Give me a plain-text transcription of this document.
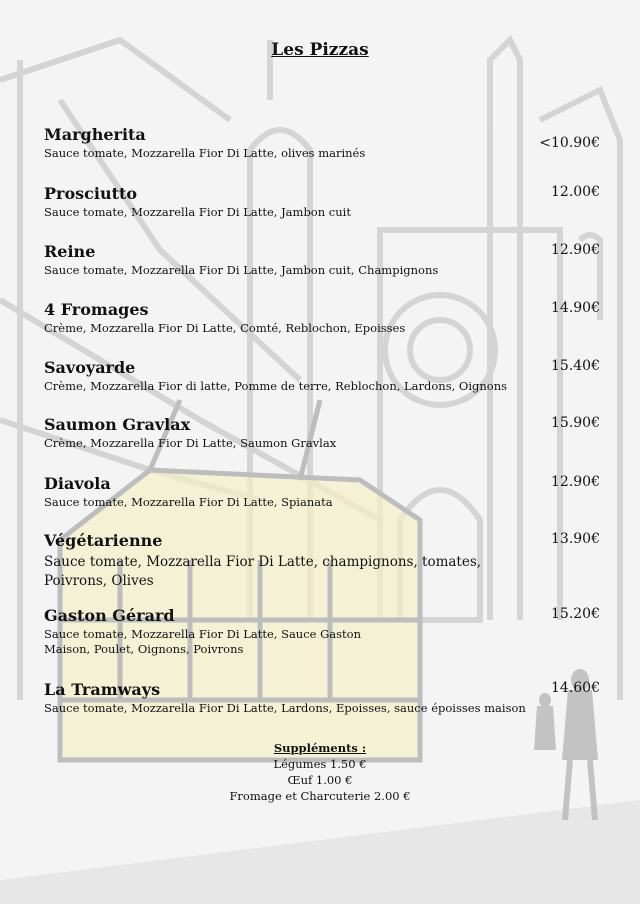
Les Pizzas
Margherita
Sauce tomate, Mozzarella Fior Di Latte, olives marinés
<10.90€
Prosciutto
Sauce tomate, Mozzarella Fior Di Latte, Jambon cuit
12.00€
Reine
Sauce tomate, Mozzarella Fior Di Latte, Jambon cuit, Champignons
12.90€
4 Fromages
Crème, Mozzarella Fior Di Latte, Comté, Reblochon, Epoisses
14.90€
Savoyarde
Crème, Mozzarella Fior di latte, Pomme de terre, Reblochon, Lardons, Oignons
15.40€
Saumon Gravlax
Crème, Mozzarella Fior Di Latte, Saumon Gravlax
15.90€
Diavola
Sauce tomate, Mozzarella Fior Di Latte, Spianata
12.90€
Végétarienne
Sauce tomate, Mozzarella Fior Di Latte, champignons, tomates,
Poivrons, Olives
13.90€
Gaston Gérard
Sauce tomate, Mozzarella Fior Di Latte, Sauce Gaston
Maison, Poulet, Oignons, Poivrons
15.20€
La Tramways
Sauce tomate, Mozzarella Fior Di Latte, Lardons, Epoisses, sauce époisses maison
14.60€
Suppléments :
Légumes 1.50 €
Œuf 1.00 €
Fromage et Charcuterie 2.00 €
